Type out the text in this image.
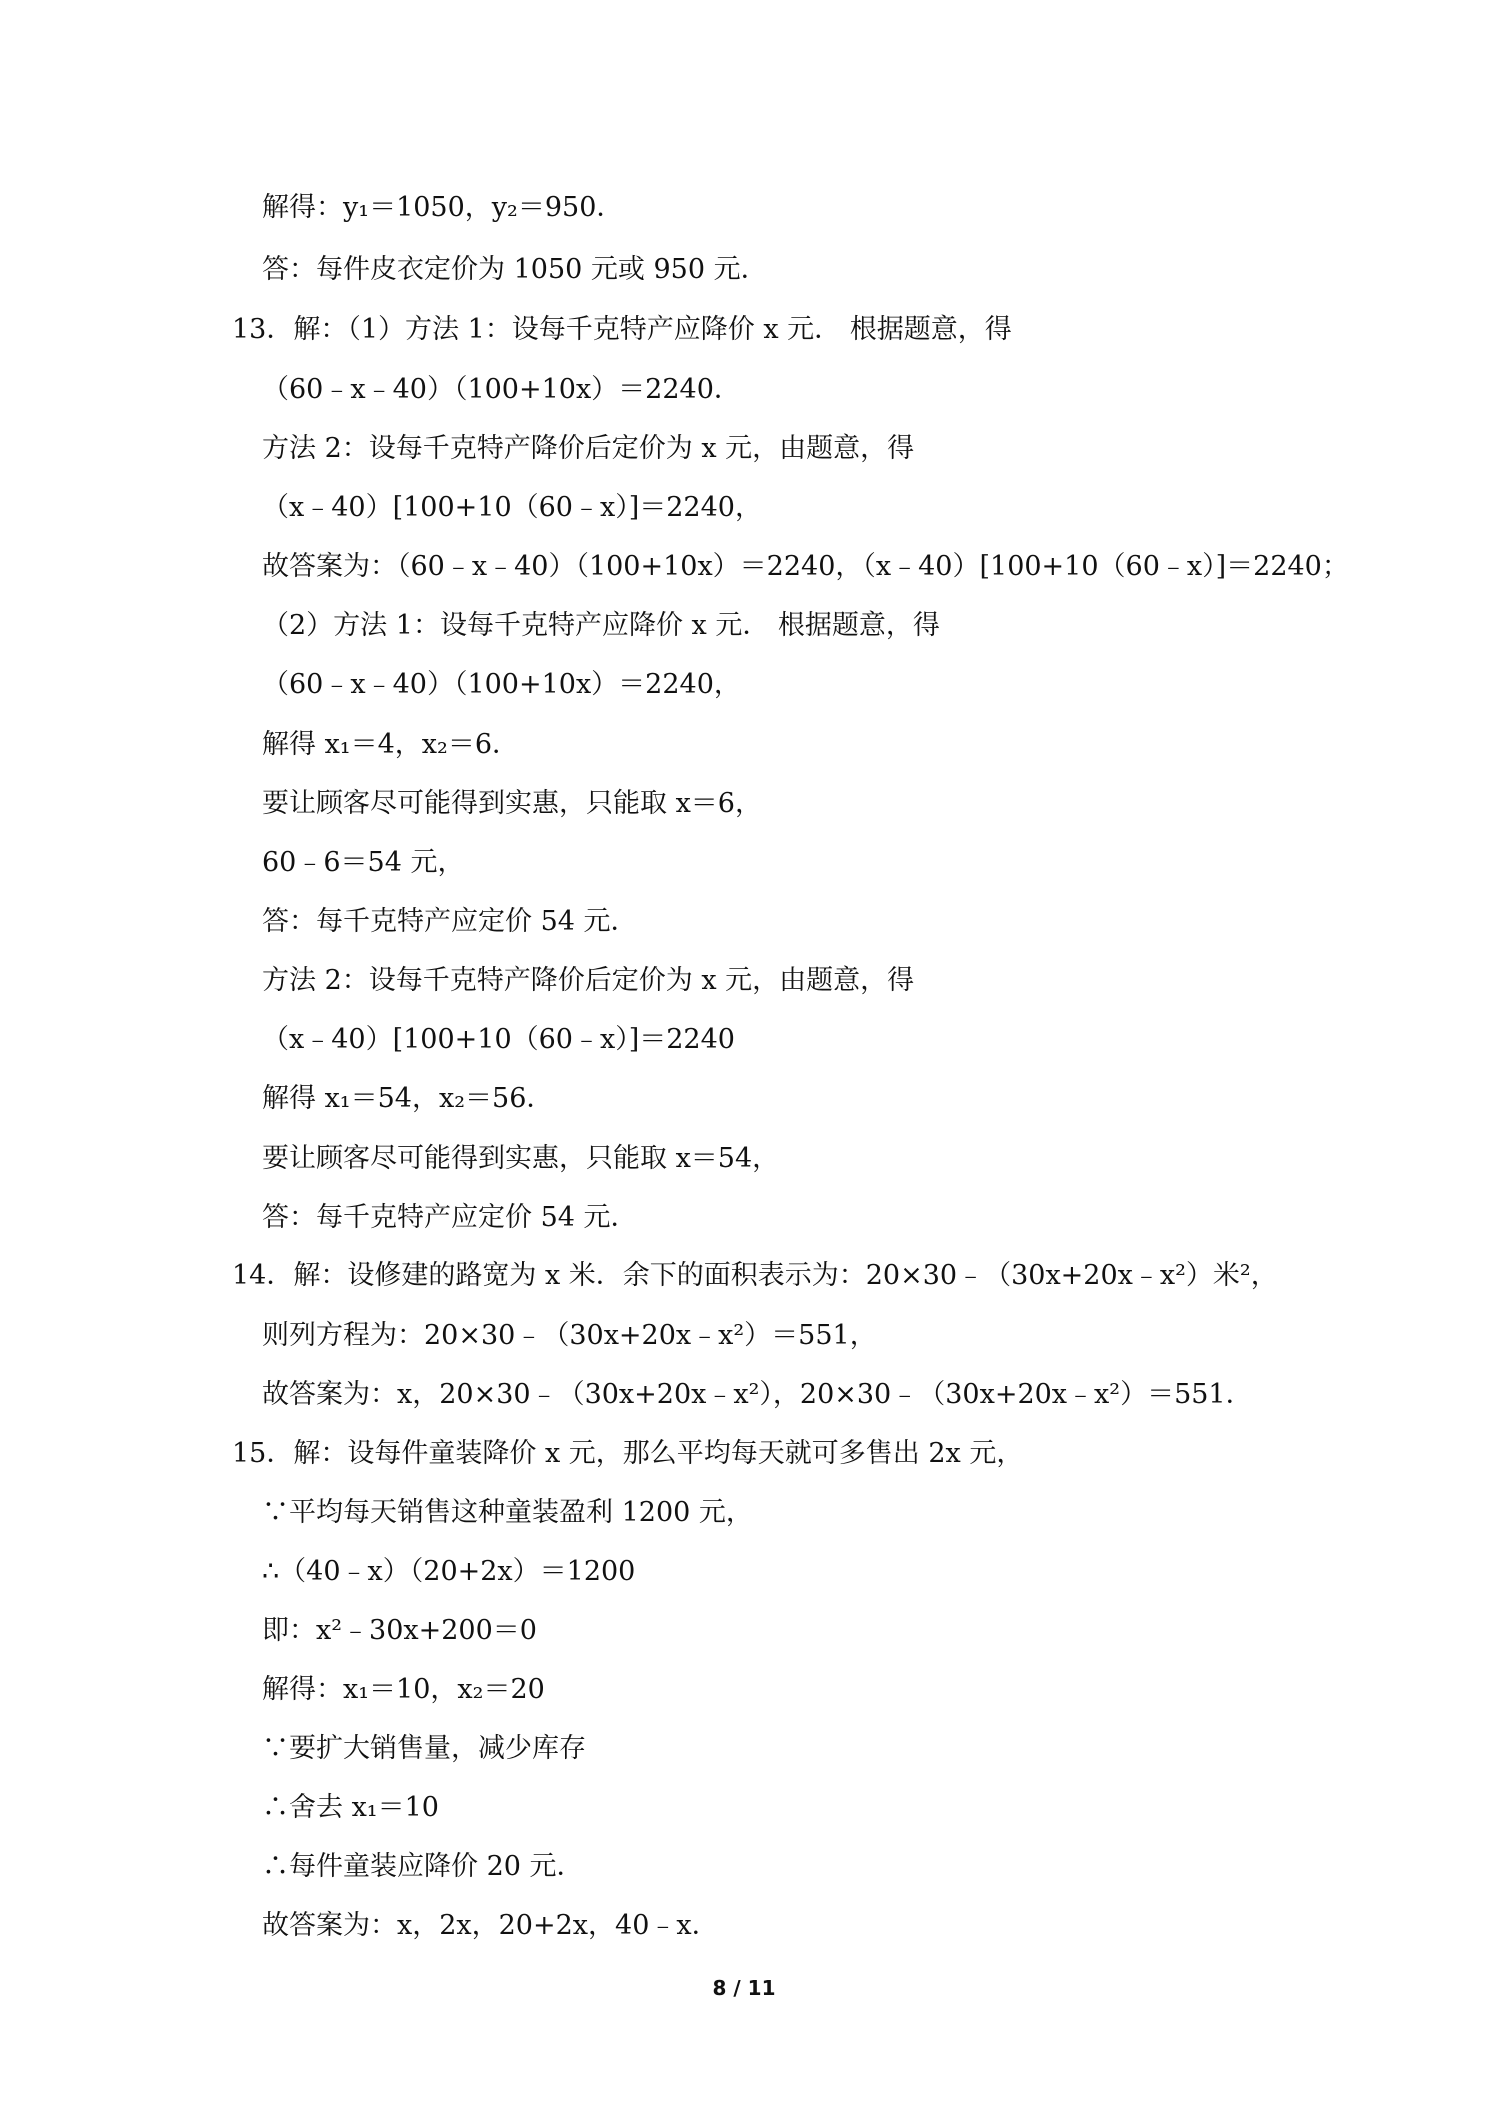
解得：y₁＝1050，y₂＝950．
答：每件皮衣定价为 1050 元或 950 元．
13．解：（1）方法 1：设每千克特产应降价 x 元． 根据题意，得
（60﹣x﹣40）（100+10x）＝2240．
方法 2：设每千克特产降价后定价为 x 元，由题意，得
（x﹣40）[100+10（60﹣x）]＝2240，
故答案为：（60﹣x﹣40）（100+10x）＝2240，（x﹣40）[100+10（60﹣x）]＝2240；
（2）方法 1：设每千克特产应降价 x 元． 根据题意，得
（60﹣x﹣40）（100+10x）＝2240，
解得 x₁＝4，x₂＝6．
要让顾客尽可能得到实惠，只能取 x＝6，
60﹣6＝54 元，
答：每千克特产应定价 54 元．
方法 2：设每千克特产降价后定价为 x 元，由题意，得
（x﹣40）[100+10（60﹣x）]＝2240
解得 x₁＝54，x₂＝56．
要让顾客尽可能得到实惠，只能取 x＝54，
答：每千克特产应定价 54 元．
14．解：设修建的路宽为 x 米．余下的面积表示为：20×30﹣（30x+20x﹣x²）米²，
则列方程为：20×30﹣（30x+20x﹣x²）＝551，
故答案为：x，20×30﹣（30x+20x﹣x²），20×30﹣（30x+20x﹣x²）＝551．
15．解：设每件童装降价 x 元，那么平均每天就可多售出 2x 元，
∵平均每天销售这种童装盈利 1200 元，
∴（40﹣x）（20+2x）＝1200
即：x²﹣30x+200＝0
解得：x₁＝10，x₂＝20
∵要扩大销售量，减少库存
∴舍去 x₁＝10
∴每件童装应降价 20 元．
故答案为：x，2x，20+2x，40﹣x．
8 / 11
